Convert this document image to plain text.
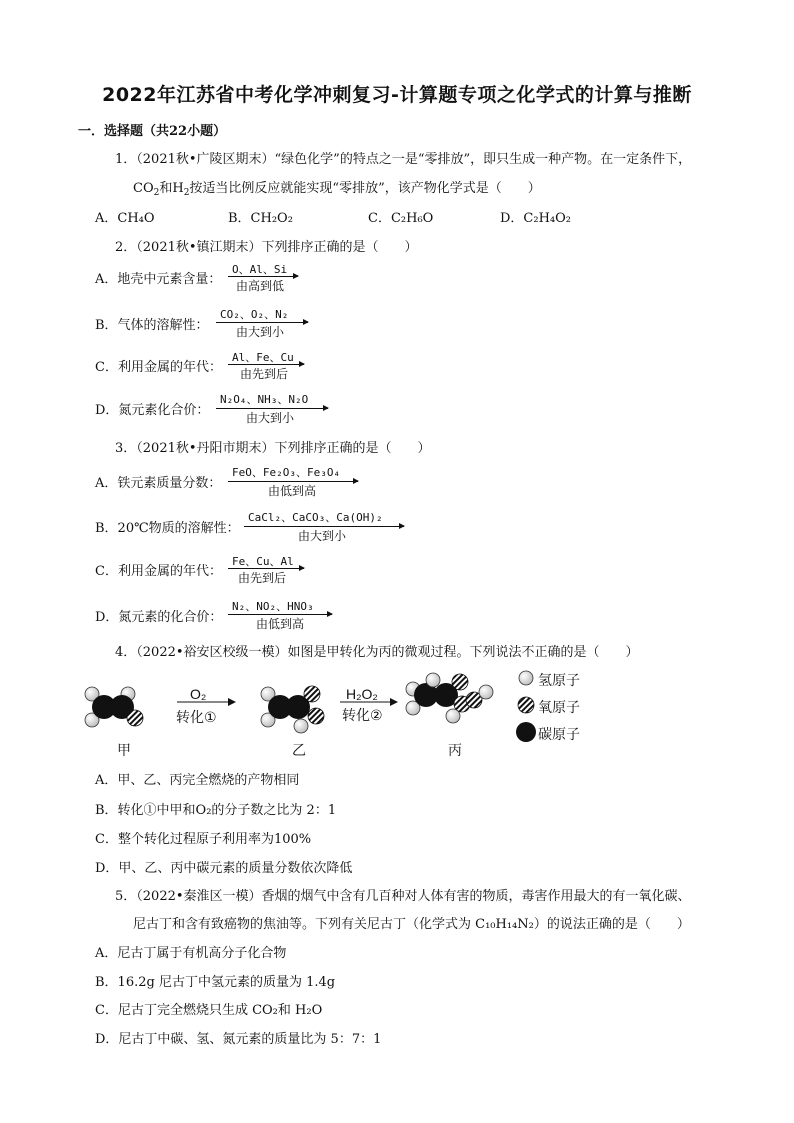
2022年江苏省中考化学冲刺复习-计算题专项之化学式的计算与推断
一．选择题（共22小题）
1．（2021秋•广陵区期末）“绿色化学”的特点之一是“零排放”，即只生成一种产物。在一定条件下，
$CO_2$和$H_2$按适当比例反应就能实现“零排放”，该产物化学式是（　　）
A．CH₄O	B．CH₂O₂	C．C₂H₆O	D．C₂H₄O₂
2．（2021秋•镇江期末）下列排序正确的是（　　）
A．地壳中元素含量：
O、Al、Si
由高到低
B．气体的溶解性：
CO₂、O₂、N₂
由大到小
C．利用金属的年代：
Al、Fe、Cu
由先到后
D．氮元素化合价：
N₂O₄、NH₃、N₂O
由大到小
3．（2021秋•丹阳市期末）下列排序正确的是（　　）
A．铁元素质量分数：
FeO、Fe₂O₃、Fe₃O₄
由低到高
B．20℃物质的溶解性：
CaCl₂、CaCO₃、Ca(OH)₂
由大到小
C．利用金属的年代：
Fe、Cu、Al
由先到后
D．氮元素的化合价：
N₂、NO₂、HNO₃
由低到高
4．（2022•裕安区校级一模）如图是甲转化为丙的微观过程。下列说法不正确的是（　　）
O₂
转化①
H₂O₂
转化②
甲	乙	丙
氢原子
氧原子
碳原子
A．甲、乙、丙完全燃烧的产物相同
B．转化①中甲和O₂的分子数之比为 2：1
C．整个转化过程原子利用率为100%
D．甲、乙、丙中碳元素的质量分数依次降低
5．（2022•秦淮区一模）香烟的烟气中含有几百种对人体有害的物质，毒害作用最大的有一氧化碳、
尼古丁和含有致癌物的焦油等。下列有关尼古丁（化学式为 C₁₀H₁₄N₂）的说法正确的是（　　）
A．尼古丁属于有机高分子化合物
B．16.2g 尼古丁中氢元素的质量为 1.4g
C．尼古丁完全燃烧只生成 CO₂和 H₂O
D．尼古丁中碳、氢、氮元素的质量比为 5：7：1
